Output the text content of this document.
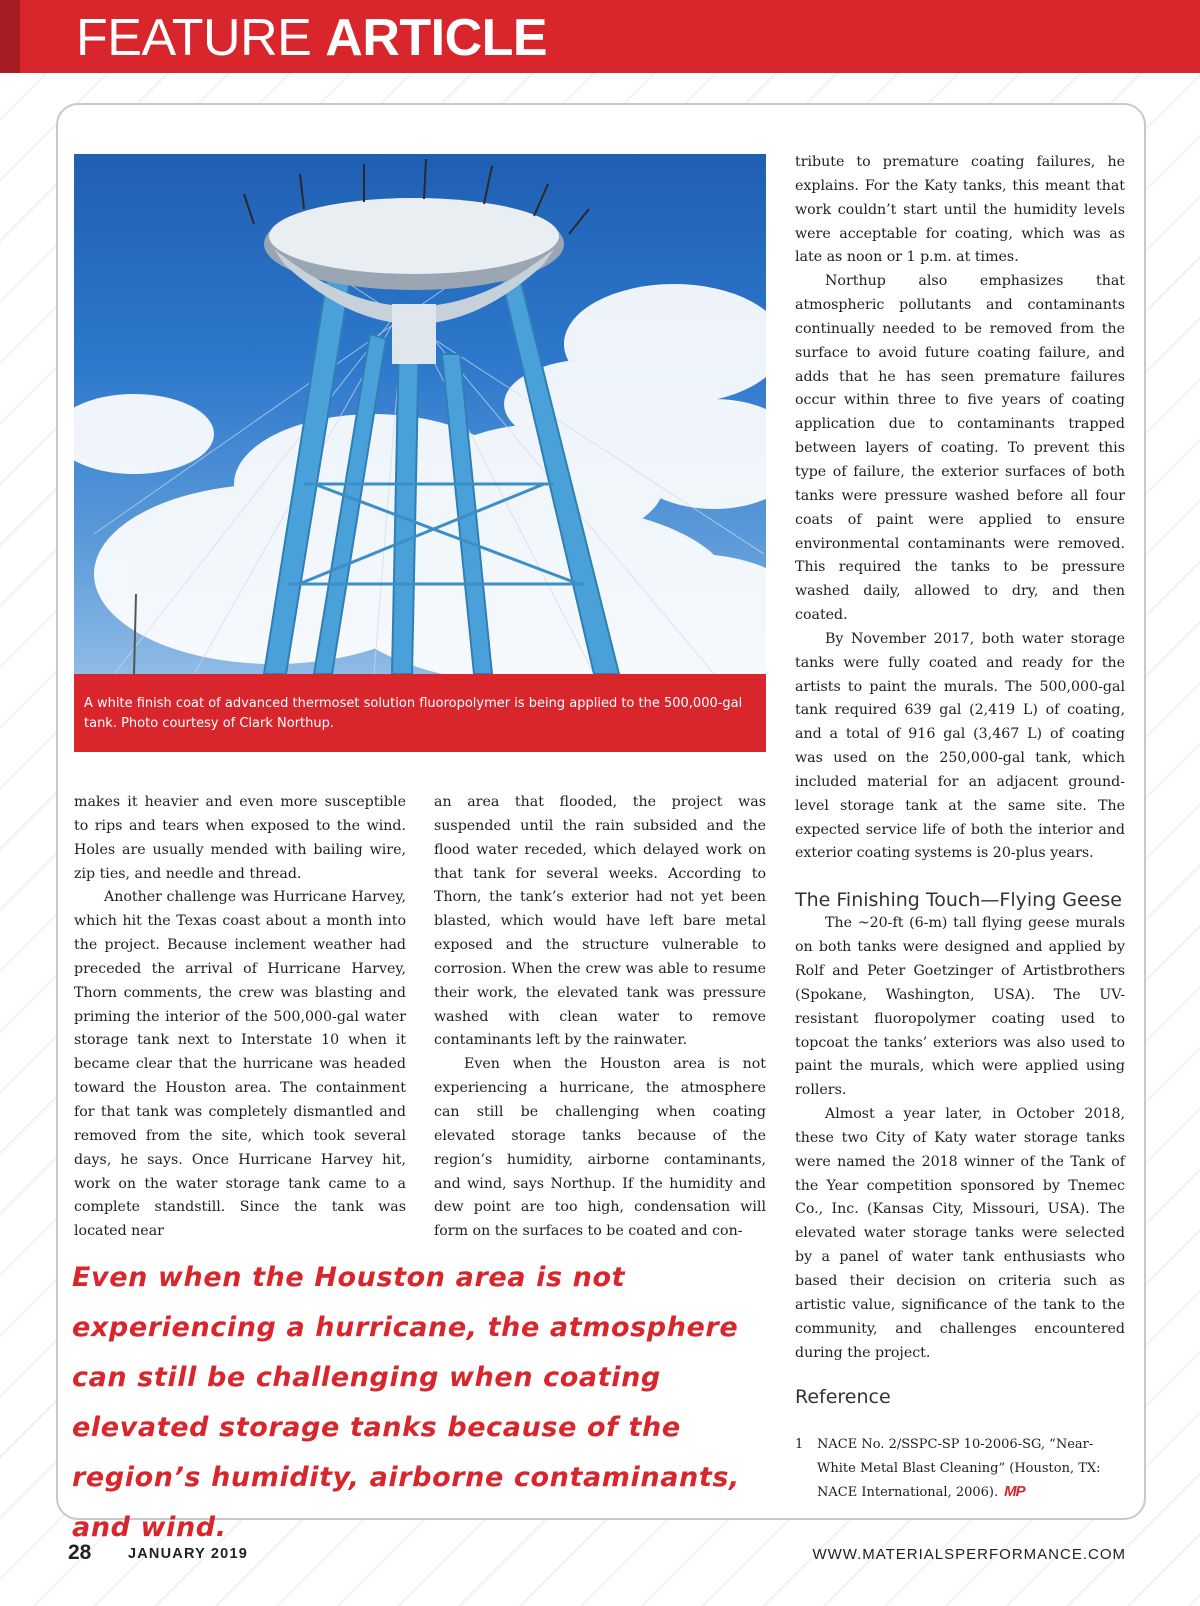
FEATURE ARTICLE
A white finish coat of advanced thermoset solution fluoropolymer is being applied to the 500,000-gal tank. Photo courtesy of Clark Northup.

makes it heavier and even more susceptible to rips and tears when exposed to the wind. Holes are usually mended with bailing wire, zip ties, and needle and thread.

Another challenge was Hurricane Harvey, which hit the Texas coast about a month into the project. Because inclement weather had preceded the arrival of Hurricane Harvey, Thorn comments, the crew was blasting and priming the interior of the 500,000-gal water storage tank next to Interstate 10 when it became clear that the hurricane was headed toward the Houston area. The containment for that tank was completely dismantled and removed from the site, which took several days, he says. Once Hurricane Harvey hit, work on the water storage tank came to a complete standstill. Since the tank was located near

an area that flooded, the project was suspended until the rain subsided and the flood water receded, which delayed work on that tank for several weeks. According to Thorn, the tank’s exterior had not yet been blasted, which would have left bare metal exposed and the structure vulnerable to corrosion. When the crew was able to resume their work, the elevated tank was pressure washed with clean water to remove contaminants left by the rainwater.

Even when the Houston area is not experiencing a hurricane, the atmosphere can still be challenging when coating elevated storage tanks because of the region’s humidity, airborne contaminants, and wind, says Northup. If the humidity and dew point are too high, condensation will form on the surfaces to be coated and con-

tribute to premature coating failures, he explains. For the Katy tanks, this meant that work couldn’t start until the humidity levels were acceptable for coating, which was as late as noon or 1 p.m. at times.

Northup also emphasizes that atmospheric pollutants and contaminants continually needed to be removed from the surface to avoid future coating failure, and adds that he has seen premature failures occur within three to five years of coating application due to contaminants trapped between layers of coating. To prevent this type of failure, the exterior surfaces of both tanks were pressure washed before all four coats of paint were applied to ensure environmental contaminants were removed. This required the tanks to be pressure washed daily, allowed to dry, and then coated.

By November 2017, both water storage tanks were fully coated and ready for the artists to paint the murals. The 500,000-gal tank required 639 gal (2,419 L) of coating, and a total of 916 gal (3,467 L) of coating was used on the 250,000-gal tank, which included material for an adjacent ground-level storage tank at the same site. The expected service life of both the interior and exterior coating systems is 20-plus years.

The Finishing Touch—Flying Geese

The ~20-ft (6-m) tall flying geese murals on both tanks were designed and applied by Rolf and Peter Goetzinger of Artistbrothers (Spokane, Washington, USA). The UV-resistant fluoropolymer coating used to topcoat the tanks’ exteriors was also used to paint the murals, which were applied using rollers.

Almost a year later, in October 2018, these two City of Katy water storage tanks were named the 2018 winner of the Tank of the Year competition sponsored by Tnemec Co., Inc. (Kansas City, Missouri, USA). The elevated water storage tanks were selected by a panel of water tank enthusiasts who based their decision on criteria such as artistic value, significance of the tank to the community, and challenges encountered during the project.

Reference
Even when the Houston area is not experiencing a hurricane, the atmosphere can still be challenging when coating elevated storage tanks because of the region’s humidity, airborne contaminants, and wind.
1 NACE No. 2/SSPC-SP 10-2006-SG, “Near-White Metal Blast Cleaning” (Houston, TX: NACE International, 2006). MP
28	JANUARY 2019	WWW.MATERIALSPERFORMANCE.COM
